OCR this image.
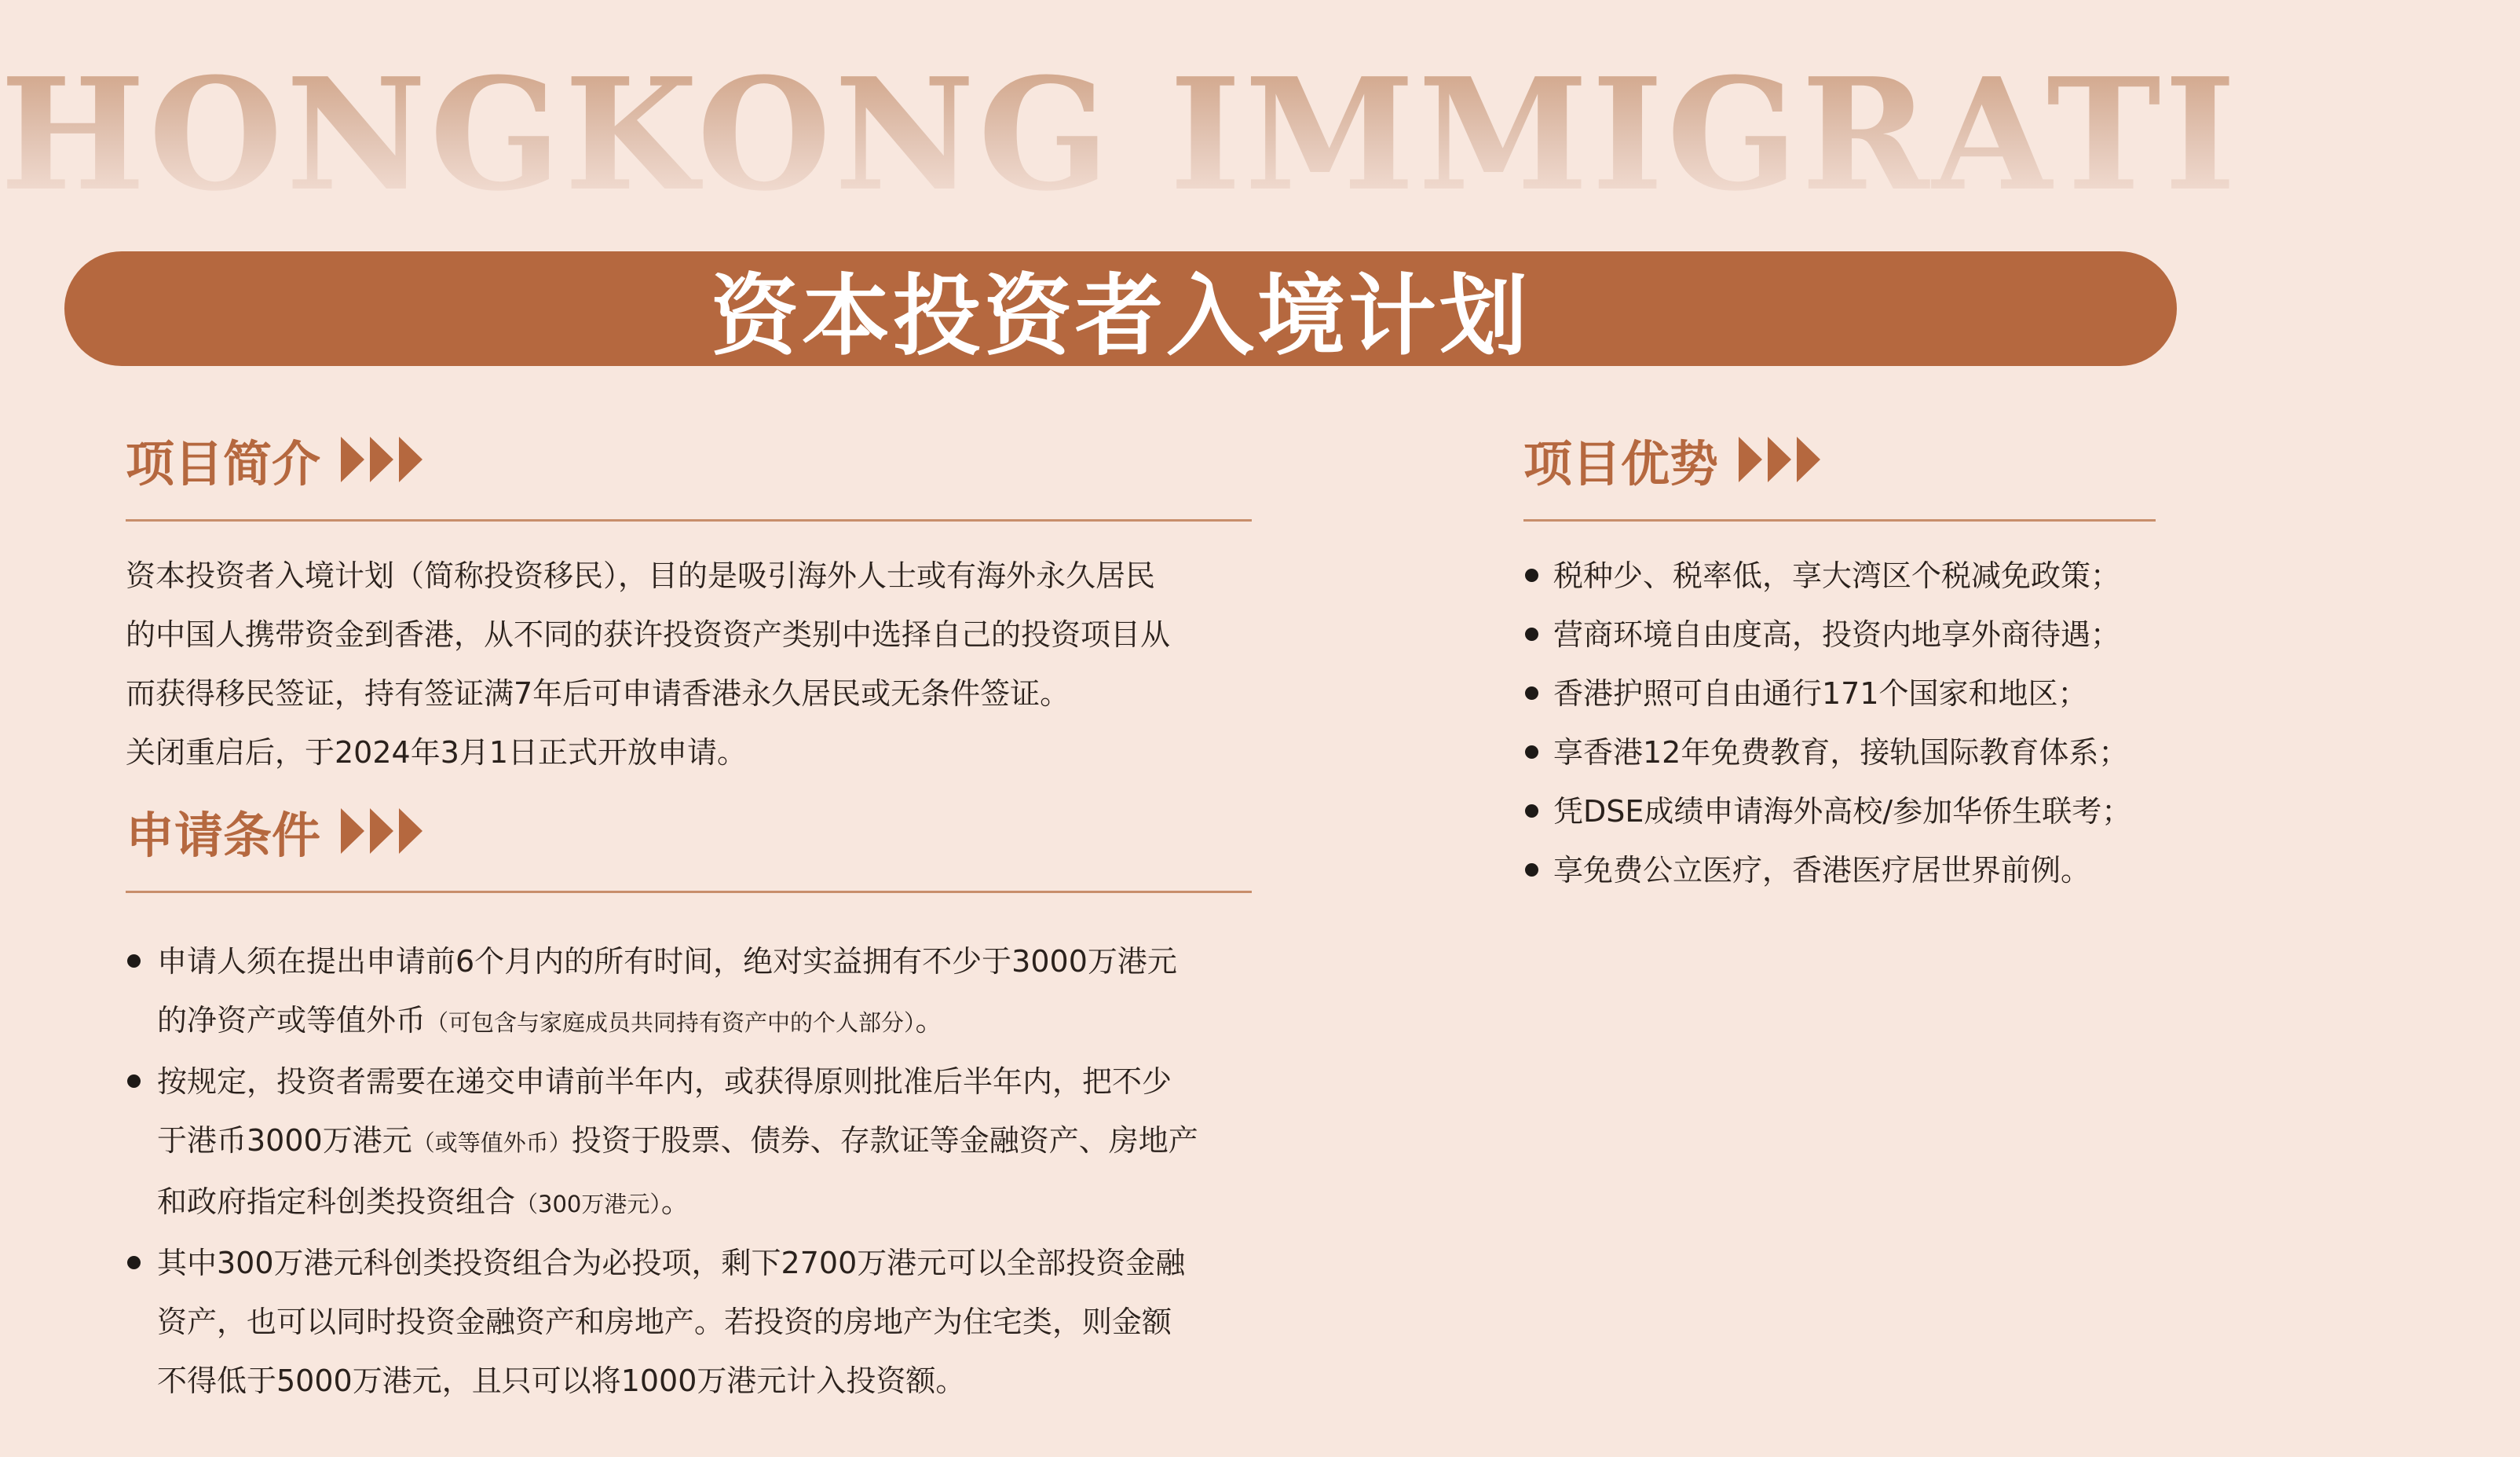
HONGKONG IMMIGRATION
资本投资者入境计划
项目简介

资本投资者入境计划（简称投资移民），目的是吸引海外人士或有海外永久居民

的中国人携带资金到香港，从不同的获许投资资产类别中选择自己的投资项目从

而获得移民签证，持有签证满7年后可申请香港永久居民或无条件签证。

关闭重启后，于2024年3月1日正式开放申请。

申请条件
申请人须在提出申请前6个月内的所有时间，绝对实益拥有不少于3000万港元
的净资产或等值外币（可包含与家庭成员共同持有资产中的个人部分）。
按规定，投资者需要在递交申请前半年内，或获得原则批准后半年内，把不少
于港币3000万港元（或等值外币）投资于股票、债券、存款证等金融资产、房地产
和政府指定科创类投资组合（300万港元）。
其中300万港元科创类投资组合为必投项，剩下2700万港元可以全部投资金融
资产，也可以同时投资金融资产和房地产。若投资的房地产为住宅类，则金额
不得低于5000万港元，且只可以将1000万港元计入投资额。
项目优势
税种少、税率低，享大湾区个税减免政策；
营商环境自由度高，投资内地享外商待遇；
香港护照可自由通行171个国家和地区；
享香港12年免费教育，接轨国际教育体系；
凭DSE成绩申请海外高校/参加华侨生联考；
享免费公立医疗，香港医疗居世界前例。
